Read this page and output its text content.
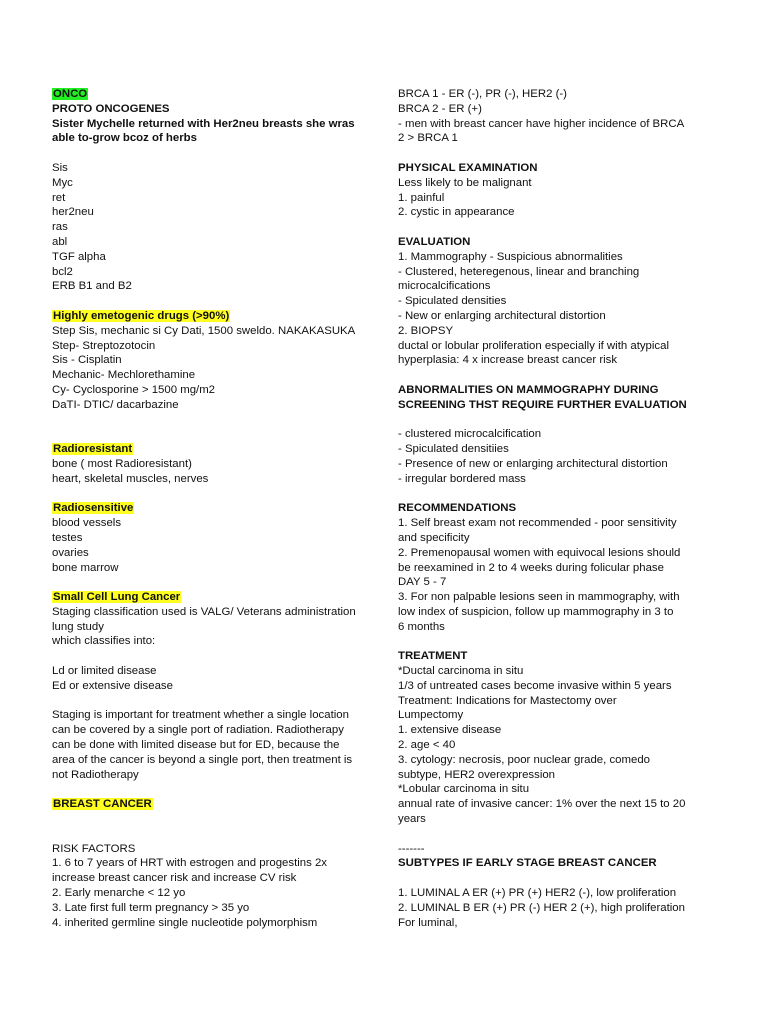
ONCO
PROTO ONCOGENES
Sister Mychelle returned with Her2neu breasts she wras
able to-grow bcoz of herbs
Sis
Myc
ret
her2neu
ras
abl
TGF alpha
bcl2
ERB B1 and B2
Highly emetogenic drugs (>90%)
Step Sis, mechanic si Cy Dati, 1500 sweldo. NAKAKASUKA
Step- Streptozotocin
Sis - Cisplatin
Mechanic- Mechlorethamine
Cy- Cyclosporine > 1500 mg/m2
DaTI- DTIC/ dacarbazine
Radioresistant
bone ( most Radioresistant)
heart, skeletal muscles, nerves
Radiosensitive
blood vessels
testes
ovaries
bone marrow
Small Cell Lung Cancer
Staging classification used is VALG/ Veterans administration
lung study
which classifies into:
Ld or limited disease
Ed or extensive disease
Staging is important for treatment whether a single location
can be covered by a single port of radiation. Radiotherapy
can be done with limited disease but for ED, because the
area of the cancer is beyond a single port, then treatment is
not Radiotherapy
BREAST CANCER
RISK FACTORS
1. 6 to 7 years of HRT with estrogen and progestins 2x
increase breast cancer risk and increase CV risk
2. Early menarche < 12 yo
3. Late first full term pregnancy > 35 yo
4. inherited germline single nucleotide polymorphism
BRCA 1 - ER (-), PR (-), HER2 (-)
BRCA 2 - ER (+)
- men with breast cancer have higher incidence of BRCA
2 > BRCA 1
PHYSICAL EXAMINATION
Less likely to be malignant
1. painful
2. cystic in appearance
EVALUATION
1. Mammography - Suspicious abnormalities
- Clustered, heteregenous, linear and branching
microcalcifications
- Spiculated densities
- New or enlarging architectural distortion
2. BIOPSY
ductal or lobular proliferation especially if with atypical
hyperplasia: 4 x increase breast cancer risk
ABNORMALITIES ON MAMMOGRAPHY DURING
SCREENING THST REQUIRE FURTHER EVALUATION
- clustered microcalcification
- Spiculated densitiies
- Presence of new or enlarging architectural distortion
- irregular bordered mass
RECOMMENDATIONS
1. Self breast exam not recommended - poor sensitivity
and specificity
2. Premenopausal women with equivocal lesions should
be reexamined in 2 to 4 weeks during folicular phase
DAY 5 - 7
3. For non palpable lesions seen in mammography, with
low index of suspicion, follow up mammography in 3 to
6 months
TREATMENT
*Ductal carcinoma in situ
1/3 of untreated cases become invasive within 5 years
Treatment: Indications for Mastectomy over
Lumpectomy
1. extensive disease
2. age < 40
3. cytology: necrosis, poor nuclear grade, comedo
subtype, HER2 overexpression
*Lobular carcinoma in situ
annual rate of invasive cancer: 1% over the next 15 to 20
years
-------
SUBTYPES IF EARLY STAGE BREAST CANCER
1. LUMINAL A ER (+) PR (+) HER2 (-), low proliferation
2. LUMINAL B ER (+) PR (-) HER 2 (+), high proliferation
For luminal,
